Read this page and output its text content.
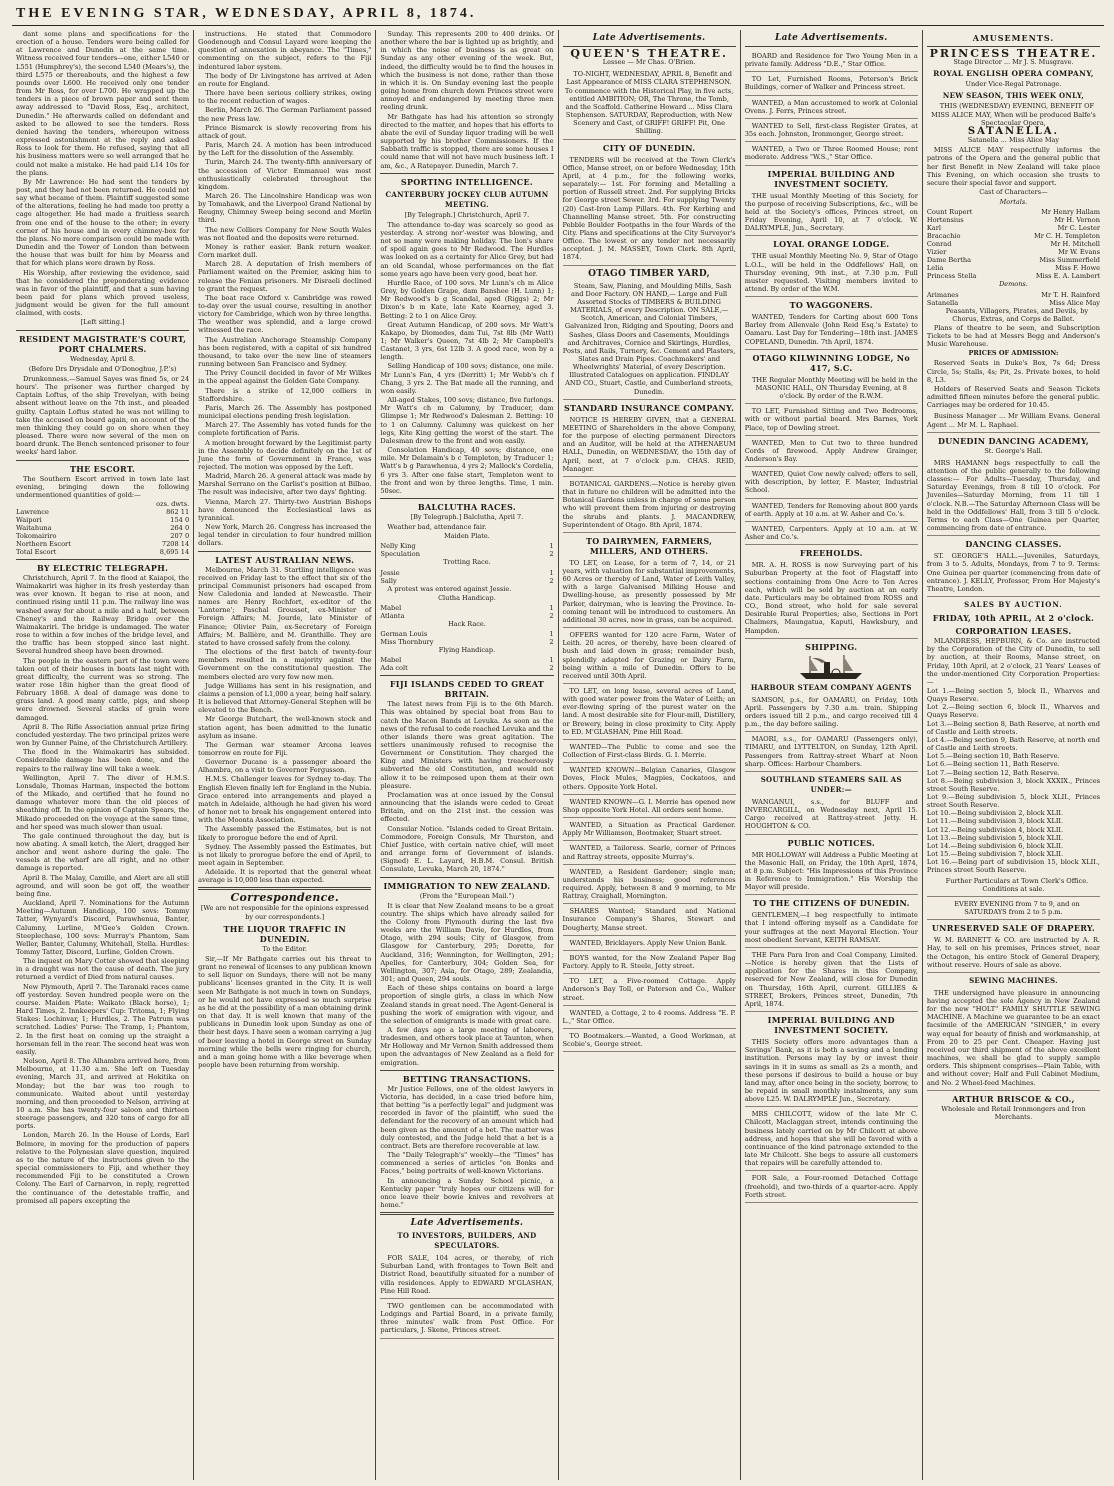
THE EVENING STAR, WEDNESDAY, APRIL 8, 1874.

dant some plans and specifications for the erection of a house. Tenders were being called for at Lawrence and Dunedin at the same time. Witness received four tenders—one, either L540 or L551 (Humphrey's), the second L540 (Mears's), the third L575 or thereabouts, and the highest a few pounds over L600. He received only one tender from Mr Ross, for over L700. He wrapped up the tenders in a piece of brown paper and sent them away addressed to "David Ross, Esq., architect, Dunedin." He afterwards called on defendant and asked to be allowed to see the tenders. Ross denied having the tenders, whereupon witness expressed astonishment at the reply and asked Ross to look for them. He refused, saying that all his business matters were so well arranged that he could not make a mistake. He had paid L14 10s for the plans.

By Mr Lawrence: He had sent the tenders by post, and they had not been returned. He could not say what became of them. Plaintiff suggested some of the alterations, feeling he had made too pretty a cage altogether. He had made a fruitless search from one end of the house to the other; in every corner of his house and in every chimney-box for the plans. No more comparison could be made with Dunedin and the Tower of London than between the house that was built for him by Mearss and that for which plans were drawn by Ross.

His Worship, after reviewing the evidence, said that he considered the preponderating evidence was in favor of the plaintiff, and that a sum having been paid for plans which proved useless, judgment would be given for the full amount claimed, with costs.

[Left sitting.]
RESIDENT MAGISTRATE'S COURT, PORT CHALMERS.
Wednesday, April 8.
(Before Drs Drysdale and O'Donoghue, J.P.'s)

Drunkenness.—Samuel Sayes was fined 5s, or 24 hours'. The prisoner was further charged by Captain Loftus, of the ship Trevelyan, with being absent without leave on the 7th inst., and pleaded guilty. Captain Loftus stated he was not willing to take the accused on board again, on account of the men thinking they could go on shore when they pleased. There were now several of the men on board drunk. The Bench sentenced prisoner to four weeks' hard labor.

THE ESCORT.

The Southern Escort arrived in town late last evening, bringing down the following undermentioned quantities of gold:—

	ozs. dwts.
Lawrence	862 11
Waipori	154 0
Waitahuna	264 0
Tokomairiro	207 0
Northern Escort	7208 14
Total Escort	8,695 14
BY ELECTRIC TELEGRAPH.

Christchurch, April 7. In the flood at Kaiapoi, the Waimakariri was higher in its fresh yesterday than was ever known. It began to rise at noon, and continued rising until 11 p.m. The railway line was washed away for about a mile and a half, between Cheney's and the Railway Bridge over the Waimakariri. The bridge is undamaged. The water rose to within a few inches of the bridge level, and the traffic has been stopped since last night. Several hundred sheep have been drowned.

The people in the eastern part of the town were taken out of their houses in boats last night with great difficulty, the current was so strong. The water rose 18in higher than the great flood of February 1868. A deal of damage was done to grass land. A good many cattle, pigs, and sheep were drowned. Several stacks of grain were damaged.

April 8. The Rifle Association annual prize firing concluded yesterday. The two principal prizes were won by Gunner Paine, of the Christchurch Artillery.

The flood in the Waimakariri has subsided. Considerable damage has been done, and the repairs to the railway line will take a week.

Wellington, April 7. The diver of H.M.S. Lonsdale, Thomas Harman, inspected the bottom of the Mikado, and certified that he found no damage whatever more than the old pieces of sheathing off. In the opinion of Captain Spears, the Mikado proceeded on the voyage at the same time, and her speed was much slower than usual.

The gale continued throughout the day, but is now abating. A small ketch, the Alert, dragged her anchor and went ashore during the gale. The vessels at the wharf are all right, and no other damage is reported.

April 8. The Malay, Camille, and Alert are all still aground, and will soon be got off, the weather being fine.

Auckland, April 7. Nominations for the Autumn Meeting—Autumn Handicap, 100 sovs: Tommy Tatter, Wynyard's Discord, Parawhenua, Banter, Calumny, Lurline, M'Gee's Golden Crown. Steeplechase, 100 sovs: Murray's Phantom, Sam Weller, Banter, Calumny, Whitehall, Stella. Hurdles: Tommy Tatter, Discord, Lurline, Golden Crown.

The inquest on Mary Cotter showed that sleeping in a draught was not the cause of death. The jury returned a verdict of Died from natural causes.

New Plymouth, April 7. The Taranaki races came off yesterday. Seven hundred people were on the course. Maiden Plate: Waikato (Black horse), 1; Hard Times, 2. Innkeepers' Cup: Tritoma, 1; Flying Stakes: Lochinvar, 1; Hurdles, 2. The Patrum was scratched. Ladies' Purse: The Tramp, 1; Phantom, 2. In the first heat on coming up the straight a horseman fell in the rear. The second heat was won easily.

Nelson, April 8. The Alhambra arrived here, from Melbourne, at 11.30 a.m. She left on Tuesday evening, March 31, and arrived at Hokitika on Monday; but the bar was too rough to communicate. Waited about until yesterday morning, and then proceeded to Nelson, arriving at 10 a.m. She has twenty-four saloon and thirteen steerage passengers, and 320 tons of cargo for all ports.

London, March 26. In the House of Lords, Earl Belmore, in moving for the production of papers relative to the Polynesian slave question, inquired as to the nature of the instructions given to the special commissioners to Fiji, and whether they recommended Fiji to be constituted a Crown Colony. The Earl of Carnarvon, in reply, regretted the continuance of the detestable traffic, and promised all papers excepting the

instructions. He stated that Commodore Goodenough and Consul Layard were keeping the question of annexation in abeyance. The "Times," commenting on the subject, refers to the Fiji indentured labor system.

The body of Dr Livingstone has arrived at Aden en route for England.

There have been serious colliery strikes, owing to the recent reduction of wages.

Berlin, March 26. The German Parliament passed the new Press law.

Prince Bismarck is slowly recovering from his attack of gout.

Paris, March 24. A motion has been introduced by the Left for the dissolution of the Assembly.

Turin, March 24. The twenty-fifth anniversary of the accession of Victor Emmanuel was most enthusiastically celebrated throughout the kingdom.

March 26. The Lincolnshire Handicap was won by Tomahawk, and the Liverpool Grand National by Reugny, Chimney Sweep being second and Merlin third.

The new Colliers Company for New South Wales was not floated and the deposits were returned.

Money is rather easier. Bank return weaker. Corn market dull.

March 28. A deputation of Irish members of Parliament waited on the Premier, asking him to release the Fenian prisoners. Mr Disraeli declined to grant the request.

The boat race Oxford v. Cambridge was rowed to-day over the usual course, resulting in another victory for Cambridge, which won by three lengths. The weather was splendid, and a large crowd witnessed the race.

The Australian Anchorage Steamship Company has been registered, with a capital of six hundred thousand, to take over the new line of steamers running between San Francisco and Sydney.

The Privy Council decided in favor of Mr Wilkes in the appeal against the Golden Gate Company.

There is a strike of 12,000 colliers in Staffordshire.

Paris, March 26. The Assembly has postponed municipal elections pending fresh legislation.

March 27. The Assembly has voted funds for the complete fortification of Paris.

A motion brought forward by the Legitimist party in the Assembly to decide definitely on the 1st of June the form of Government in France, was rejected. The motion was opposed by the Left.

Madrid, March 26. A general attack was made by Marshal Serrano on the Carlist's position at Bilbao. The result was indecisive, after two days' fighting.

Vienna, March 27. Thirty-two Austrian Bishops have denounced the Ecclesiastical laws as tyrannical.

New York, March 26. Congress has increased the legal tender in circulation to four hundred million dollars.

LATEST AUSTRALIAN NEWS.

Melbourne, March 31. Startling intelligence was received on Friday last to the effect that six of the principal Communist prisoners had escaped from New Caledonia and landed at Newcastle. Their names are Henry Rochfort, ex-editor of the 'Lanterne'; Paschal Grousset, ex-Minister of Foreign Affairs; M. Jourde, late Minister of Finance; Olivier Pain, ex-Secretary of Foreign Affairs; M. Ballière, and M. Granthille. They are stated to have crossed safely from the colony.

The elections of the first batch of twenty-four members resulted in a majority against the Government on the constitutional question. The members elected are very few new men.

Judge Williams has sent in his resignation, and claims a pension of L1,000 a year, being half salary. It is believed that Attorney-General Stephen will be elevated to the Bench.

Mr George Butchart, the well-known stock and station agent, has been admitted to the lunatic asylum as insane.

The German war steamer Arcona leaves tomorrow en route for Fiji.

Governor Ducane is a passenger aboard the Alhambra, on a visit to Governor Fergusson.

H.M.S. Challenger leaves for Sydney to-day. The English Eleven finally left for England in the Nubia. Grace entered into arrangements and played a match in Adelaide, although he had given his word of honor not to break his engagement entered into with the Moonta Association.

The Assembly passed the Estimates, but is not likely to prorogue before the end of April.

Sydney. The Assembly passed the Estimates, but is not likely to prorogue before the end of April, to meet again in September.

Adelaide. It is reported that the general wheat average is 10,000 less than expected.

Correspondence.
[We are not responsible for the opinions expressed by our correspondents.]
THE LIQUOR TRAFFIC IN DUNEDIN.
To the Editor.

Sir,—If Mr Bathgate carries out his threat to grant no renewal of licenses to any publican known to sell liquor on Sundays, there will not be many publicans' licenses granted in the City. It is well seen Mr Bathgate is not much in town on Sundays, or he would not have expressed so much surprise as he did at the possibility of a man obtaining drink on that day. It is well known that many of the publicans in Dunedin look upon Sunday as one of their best days. I have seen a woman carrying a jug of beer leaving a hotel in George street on Sunday morning while the bells were ringing for church, and a man going home with a like beverage when people have been returning from worship.

Sunday. This represents 200 to 400 drinks. Of another where the bar is lighted up as brightly, and in which the noise of business is as great on Sunday as any other evening of the week. But, indeed, the difficulty would be to find the houses in which the business is not done, rather than those in which it is. On Sunday evening last the people going home from church down Princes street were annoyed and endangered by meeting three men reeling drunk.

Mr Bathgate has had his attention so strongly directed to the matter, and hopes that his efforts to abate the evil of Sunday liquor trading will be well supported by his brother Commissioners. If the Sabbath traffic is stopped, there are some houses I could name that will not have much business left. I am, &c., A Ratepayer. Dunedin, March 7.

SPORTING INTELLIGENCE.
CANTERBURY JOCKEY CLUB AUTUMN MEETING.
[By Telegraph.] Christchurch, April 7.

The attendance to-day was scarcely so good as yesterday. A strong nor'-wester was blowing, and not so many were making holiday. The lion's share of spoil again goes to Mr Redwood. The Hurdles was looked on as a certainty for Alice Grey, but had an old Scandal, whose performances on the flat some years ago have been very good, beat her.

Hurdle Race, of 100 sovs. Mr Lunn's ch m Alice Grey, by Golden Grape, dam Banshee (H. Lunn) 1; Mr Redwood's b g Scandal, aged (Riggs) 2; Mr Dixon's b m Kate, late Kate Kearney, aged 3. Betting: 2 to 1 on Alice Grey.

Great Autumn Handicap, of 200 sovs. Mr Watt's Kakapo, by Diomedes, dam Tui, 7st 8lb (Mr Watt) 1; Mr Walker's Queen, 7st 4lb 2; Mr Campbell's Castanet, 3 yrs, 6st 12lb 3. A good race, won by a length.

Selling Handicap of 100 sovs; distance, one mile. Mr Lunn's Fan, 4 yrs (Derritt) 1; Mr Webb's ch f Chang, 3 yrs 2. The Bat made all the running, and won easily.

All-aged Stakes, 100 sovs; distance, five furlongs. Mr Watt's ch m Calumny, by Traducer, dam Glimpse 1; Mr Redwood's Dalesman 2. Betting: 10 to 1 on Calumny. Calumny was quickest on her legs, Kite King getting the worst of the start. The Dalesman drew to the front and won easily.

Consolation Handicap, 40 sovs; distance, one mile. Mr Delamain's b c Templeton, by Traducer 1; Watt's b g Parawhenua, 4 yrs 2; Mallock's Cordelia, 6 yrs 3. After one false start, Templeton went to the front and won by three lengths. Time, 1 min. 50sec.

BALCLUTHA RACES.
[By Telegraph.] Balclutha, April 7.

Weather bad, attendance fair.

Maiden Plate.
Nelly King	1
Speculation	2
Trotting Race.
Jessie	1
Sally	2

A protest was entered against Jessie.

Clutha Handicap.
Mabel	1
Atlanta	2
Hack Race.
German Louis	1
Miss Thornbury	2
Flying Handicap.
Mabel	1
Ada colt	2
FIJI ISLANDS CEDED TO GREAT BRITAIN.

The latest news from Fiji is to the 6th March. This was obtained by special boat from Bau to catch the Macon Bands at Levuka. As soon as the news of the refusal to cede reached Levuka and the other islands there was great agitation. The settlers unanimously refused to recognise the Government or Constitution. They charged the King and Ministers with having treacherously subverted the old Constitution, and would not allow it to be reimposed upon them at their own pleasure.

Proclamation was at once issued by the Consul announcing that the islands were ceded to Great Britain, and on the 21st inst. the cession was effected.

Consular Notice. "Islands ceded to Great Britain. Commodore, Foreign Consuls, Mr Thurston, and Chief Justice, with certain native chief, will meet and arrange form of Government of islands. (Signed) E. L. Layard, H.B.M. Consul. British Consulate, Levuka, March 20, 1874."

IMMIGRATION TO NEW ZEALAND.
(From the "European Mail.")

It is clear that New Zealand means to be a great country. The ships which have already sailed for the Colony from Plymouth during the last five weeks are the William Davie, for Hurdles, from Otago, with 294 souls; City of Glasgow, from Glasgow for Canterbury, 295; Dorette, for Auckland, 316; Wennington, for Wellington, 291; Apelles, for Canterbury, 304; Golden Sea, for Wellington, 307; Asia, for Otago, 289; Zealandia, 301; and Queen, 294 souls.

Each of these ships contains on board a large proportion of single girls, a class in which New Zealand stands in great need. The Agent-General is pushing the work of emigration with vigour, and the selection of emigrants is made with great care.

A few days ago a large meeting of laborers, tradesmen, and others took place at Taunton, when Mr Holloway and Mr Vernon Smith addressed them upon the advantages of New Zealand as a field for emigration.

BETTING TRANSACTIONS.

Mr Justice Fellows, one of the oldest lawyers in Victoria, has decided, in a case tried before him, that betting "is a perfectly legal" and judgment was recorded in favor of the plaintiff, who sued the defendant for the recovery of an amount which had been given as the amount of a bet. The matter was duly contested, and the Judge held that a bet is a contract. Bets are therefore recoverable at law.

The "Daily Telegraph's" weekly—the "Times" has commenced a series of articles "on Bonks and Faces," being portraits of well-known Victorians.

In announcing a Sunday School picnic, a Kentucky paper "truly hopes our citizens will for once leave their bowie knives and revolvers at home."

Late Advertisements.
TO INVESTORS, BUILDERS, AND SPECULATORS.

FOR SALE, 104 acres, or thereby, of rich Suburban Land, with frontages to Town Belt and District Road, beautifully situated for a number of villa residences. Apply to EDWARD M'GLASHAN, Pine Hill Road.

TWO gentlemen can be accommodated with Lodgings and Partial Board, in a private family, three minutes' walk from Post Office. For particulars, J. Skene, Princes street.

Late Advertisements.
QUEEN'S THEATRE.
Lessee — Mr Chas. O'Brien.

TO-NIGHT, WEDNESDAY, APRIL 8, Benefit and Last Appearance of MISS CLARA STEPHENSON. To commence with the Historical Play, in five acts, entitled AMBITION; OR, The Throne, the Tomb, and the Scaffold. Catherine Howard ... Miss Clara Stephenson. SATURDAY, Reproduction, with New Scenery and Cast, of GRIFF! GRIFF! Pit, One Shilling.

CITY OF DUNEDIN.

TENDERS will be received at the Town Clerk's Office, Manse street, on or before Wednesday, 15th April, at 4 p.m., for the following works, separately:— 1st. For forming and Metalling a portion of Russell street. 2nd. For supplying Bricks for George street Sewer. 3rd. For supplying Twenty (20) Cast-Iron Lamp Pillars. 4th. For Kerbing and Channelling Manse street. 5th. For constructing Pebble Boulder Footpaths in the four Wards of the City. Plans and specifications at the City Surveyor's Office. The lowest or any tender not necessarily accepted. J. M. MASSEY, Town Clerk. 8th April, 1874.

OTAGO TIMBER YARD,

Steam, Saw, Planing, and Moulding Mills, Sash and Door Factory. ON HAND,— Large and Full Assorted Stocks of TIMBERS & BUILDING MATERIALS, of every Description. ON SALE,— Scotch, American, and Colonial Timbers, Galvanized Iron, Ridging and Spouting, Doors and Sashes, Glass Doors and Casements, Mouldings and Architraves, Cornice and Skirtings, Hurdles, Posts, and Rails, Turnery, &c. Cement and Plasters, Slates and Drain Pipes. Coachmakers' and Wheelwrights' Material, of every Description. Illustrated Catalogues on application. FINDLAY AND CO., Stuart, Castle, and Cumberland streets, Dunedin.

STANDARD INSURANCE COMPANY.

NOTICE IS HEREBY GIVEN, that a GENERAL MEETING of Shareholders in the above Company, for the purpose of electing permanent Directors and an Auditor, will be held at the ATHENAEUM HALL, Dunedin, on WEDNESDAY, the 15th day of April, next, at 7 o'clock p.m. CHAS. REID, Manager.

BOTANICAL GARDENS.—Notice is hereby given that in future no children will be admitted into the Botanical Gardens unless in charge of some person who will prevent them from injuring or destroying the shrubs and plants. J. MACANDREW, Superintendent of Otago. 8th April, 1874.

TO DAIRYMEN, FARMERS, MILLERS, AND OTHERS.

TO LET, on Lease, for a term of 7, 14, or 21 years, with valuation for substantial improvements, 60 Acres or thereby of Land, Water of Leith Valley, with a large Galvanised Milking House and Dwelling-house, as presently possessed by Mr Parker, dairyman, who is leaving the Province. In-coming tenant will be introduced to customers. An additional 30 acres, now in grass, can be acquired.

OFFERS wanted for 120 acre Farm, Water of Leith. 20 acres, or thereby, have been cleared of bush and laid down in grass; remainder bush, splendidly adapted for Grazing or Dairy Farm, being within a mile of Dunedin. Offers to be received until 30th April.

TO LET, on long lease, several acres of Land, with good water power from the Water of Leith; an ever-flowing spring of the purest water on the land. A most desirable site for Flour-mill, Distillery, or Brewery, being in close proximity to City. Apply to ED. M'GLASHAN, Pine Hill Road.

WANTED—The Public to come and see the Collection of First-class Birds. G. I. Merrie.

WANTED KNOWN—Belgian Canaries, Glasgow Doves, Flock Mules, Magpies, Cockatoos, and others. Opposite York Hotel.

WANTED KNOWN—G. I. Merrie has opened new Shop opposite York Hotel. All orders sent home.

WANTED, a Situation as Practical Gardener. Apply Mr Williamson, Bootmaker, Stuart street.

WANTED, a Tailoress. Searle, corner of Princes and Rattray streets, opposite Murray's.

WANTED, a Resident Gardener; single man; understands his business; good references required. Apply, between 8 and 9 morning, to Mr Rattray, Craighall, Mornington.

SHARES Wanted; Standard and National Insurance Company's Shares, Stewart and Dougherty, Manse street.

WANTED, Bricklayers. Apply New Union Bank.

BOYS wanted, for the New Zealand Paper Bag Factory. Apply to R. Steele, Jetty street.

TO LET, a Five-roomed Cottage. Apply Anderson's Bay Toll, or Paterson and Co., Walker street.

WANTED, a Cottage, 2 to 4 rooms. Address "E. P. L.," Star Office.

TO Bootmakers.—Wanted, a Good Workman, at Scobie's, George street.

Late Advertisements.

BOARD and Residence for Two Young Men in a private family. Address "D.E.," Star Office.

TO Let, Furnished Rooms, Peterson's Brick Buildings, corner of Walker and Princess street.

WANTED, a Man accustomed to work at Colonial Ovens. J. Ferrs, Princes street.

WANTED to Sell, first-class Register Grates, at 35s each. Johnston, Ironmonger, George street.

WANTED, a Two or Three Roomed House; rent moderate. Address "W.S.," Star Office.

IMPERIAL BUILDING AND INVESTMENT SOCIETY.

THE usual Monthly Meeting of this Society, for the purpose of receiving Subscriptions, &c., will be held at the Society's offices, Princes street, on Friday Evening, April 10, at 7 o'clock. W. DALRYMPLE, Jun., Secretary.

LOYAL ORANGE LODGE.

THE usual Monthly Meeting No. 9, Star of Otago L.O.L., will be held in the Oddfellows' Hall, on Thursday evening, 9th inst., at 7.30 p.m. Full muster requested. Visiting members invited to attend. By order of the W.M.

TO WAGGONERS.

WANTED, Tenders for Carting about 600 Tons Barley from Allenvale (John Reid Esq.'s Estate) to Oamaru. Last Day for Tendering—18th inst. JAMES COPELAND, Dunedin. 7th April, 1874.

OTAGO KILWINNING LODGE, No 417, S.C.

THE Regular Monthly Meeting will be held in the MASONIC HALL, ON Thursday Evening, at 8 o'clock. By order of the R.W.M.

TO LET, Furnished Sitting and Two Bedrooms, with or without partial board. Mrs Barnes, York Place, top of Dowling street.

WANTED, Men to Cut two to three hundred Cords of firewood. Apply Andrew Grainger, Anderson's Bay.

WANTED, Quiet Cow newly calved; offers to sell, with description, by letter, F. Master, Industrial School.

WANTED, Tenders for Removing about 800 yards of earth. Apply at 10 a.m. at W. Asher and Co.'s.

WANTED, Carpenters. Apply at 10 a.m. at W. Asher and Co.'s.

FREEHOLDS.

MR. A. H. ROSS is now Surveying part of his Suburban Property at the foot of Flagstaff into sections containing from One Acre to Ten Acres each, which will be sold by auction at an early date. Particulars may be obtained from ROSS and CO., Bond street, who hold for sale several Desirable Rural Properties; also, Sections in Port Chalmers, Maungatua, Kaputi, Hawksbury, and Hampden.

SHIPPING.
HARBOUR STEAM COMPANY AGENTS

SAMSON, p.s., for OAMARU, on Friday, 10th April. Passengers by 7.30 a.m. train. Shipping orders issued till 2 p.m., and cargo received till 4 p.m., the day before sailing.

MAORI, s.s., for OAMARU (Passengers only), TIMARU, and LYTTELTON, on Sunday, 12th April. Passengers from Rattray-street Wharf at Noon sharp. Offices: Harbour Chambers.

SOUTHLAND STEAMERS SAIL AS UNDER:—

WANGANUI, s.s., for BLUFF and INVERCARGILL, on Wednesday next, April 15. Cargo received at Rattray-street Jetty. H. HOUGHTON & CO.

PUBLIC NOTICES.

MR HOLLOWAY will Address a Public Meeting at the Masonic Hall, on Friday, the 10th April, 1874, at 8 p.m. Subject: "His Impressions of this Province in Reference to Immigration." His Worship the Mayor will preside.

TO THE CITIZENS OF DUNEDIN.

GENTLEMEN,—I beg respectfully to intimate that I intend offering myself as a Candidate for your suffrages at the next Mayoral Election. Your most obedient Servant, KEITH RAMSAY.

THE Para Para Iron and Coal Company, Limited.—Notice is hereby given that the Lists of application for the Shares in this Company, reserved for New Zealand, will close for Dunedin on Thursday, 16th April, current. GILLIES & STREET, Brokers, Princes street, Dunedin, 7th April, 1874.

IMPERIAL BUILDING AND INVESTMENT SOCIETY.

THIS Society offers more advantages than a Savings' Bank, as it is both a saving and a lending institution. Persons may lay by or invest their savings in it in sums as small as 2s a month, and these persons if desirous to build a house or buy land may, after once being in the society, borrow, to be repaid in small monthly instalments, any sum above L25. W. DALRYMPLE Jun., Secretary.

MRS CHILCOTT, widow of the late Mr C. Chilcott, Maclaggan street, intends continuing the business lately carried on by Mr Chilcott at above address, and hopes that she will be favored with a continuance of the kind patronage extended to the late Mr Chilcott. She begs to assure all customers that repairs will be carefully attended to.

FOR Sale, a Four-roomed Detached Cottage (freehold), and two-thirds of a quarter-acre. Apply Forth street.

AMUSEMENTS.
PRINCESS THEATRE.
Stage Director ... Mr J. S. Musgrave.
ROYAL ENGLISH OPERA COMPANY,
Under Vice-Regal Patronage.
NEW SEASON, THIS WEEK ONLY,

THIS (WEDNESDAY) EVENING, BENEFIT OF MISS ALICE MAY, When will be produced Balfe's Spectacular Opera,

SATANELLA.
Satanella ... Miss Alice May

MISS ALICE MAY respectfully informs the patrons of the Opera and the general public that her first Benefit in New Zealand will take place This Evening, on which occasion she trusts to secure their special favor and support.

Cast of Characters—
Mortals.
Count Rupert	Mr Henry Hallam
Hortensius	Mr H. Vernon
Karl	Mr C. Lester
Bracachio	Mr C. H. Templeton
Conrad	Mr H. Mitchell
Vizier	Mr W. Evans
Dame Bertha	Miss Summerfield
Lelia	Miss F. Howe
Princess Stella	Miss E. A. Lambert
Demons.
Arimanes	Mr T. H. Rainford
Satanella	Miss Alice May

Peasants, Villagers, Pirates, and Devils, by Chorus, Extras, and Corps de Ballet.

Plans of theatre to be seen, and Subscription Tickets to be had at Messrs Begg and Anderson's Music Warehouse.

PRICES OF ADMISSION:

Reserved Seats in Duke's Box, 7s 6d; Dress Circle, 5s; Stalls, 4s; Pit, 2s. Private boxes, to hold 8, L3.

Holders of Reserved Seats and Season Tickets admitted fifteen minutes before the general public. Carriages may be ordered for 10.45.

Business Manager ... Mr William Evans. General Agent ... Mr M. L. Raphael.

DUNEDIN DANCING ACADEMY,
St. George's Hall.

MRS HAMANN begs respectfully to call the attention of the public generally to the following classes:— For Adults—Tuesday, Thursday, and Saturday Evenings, from 8 till 10 o'clock. For Juveniles—Saturday Morning, from 11 till 1 o'clock. N.B.—The Saturday Afternoon Class will be held in the Oddfellows' Hall, from 3 till 5 o'clock. Terms to each Class—One Guinea per Quarter, commencing from date of entrance.

DANCING CLASSES.

ST. GEORGE'S HALL.—Juveniles, Saturdays, from 3 to 5. Adults, Mondays, from 7 to 9. Terms: One Guinea per quarter (commencing from date of entrance). J. KELLY, Professor, From Her Majesty's Theatre, London.

SALES BY AUCTION.
FRIDAY, 10th APRIL, At 2 o'clock.
CORPORATION LEASES.

MLANDRESS, HEPBURN, & Co. are instructed by the Corporation of the City of Dunedin, to sell by auction, at their Rooms, Manse street, on Friday, 10th April, at 2 o'clock, 21 Years' Leases of the under-mentioned City Corporation Properties:—

Lot 1.—Being section 5, block II., Wharves and Quays Reserve.
Lot 2.—Being section 6, block II., Wharves and Quays Reserve.
Lot 3.—Being section 8, Bath Reserve, at north end of Castle and Leith streets.
Lot 4.—Being section 9, Bath Reserve, at north end of Castle and Leith streets.
Lot 5.—Being section 10, Bath Reserve.
Lot 6.—Being section 11, Bath Reserve.
Lot 7.—Being section 12, Bath Reserve.
Lot 8.—Being subdivision 3, block XXXIX., Princes street South Reserve.
Lot 9.—Being subdivision 5, block XLII., Princes street South Reserve.
Lot 10.—Being subdivision 2, block XLII.
Lot 11.—Being subdivision 3, block XLII.
Lot 12.—Being subdivision 4, block XLII.
Lot 13.—Being subdivision 5, block XLII.
Lot 14.—Being subdivision 6, block XLII.
Lot 15.—Being subdivision 7, block XLII.
Lot 16.—Being part of subdivision 15, block XLII., Princes street South Reserve.

Further Particulars at Town Clerk's Office. Conditions at sale.

EVERY EVENING from 7 to 9, and on SATURDAYS from 2 to 5 p.m.

UNRESERVED SALE OF DRAPERY.

W. M. BARNETT & CO. are instructed by A. R. Hay, to sell on his premises, Princes street, near the Octagon, his entire Stock of General Drapery, without reserve. Hours of sale as above.

SEWING MACHINES.

THE undersigned have pleasure in announcing having accepted the sole Agency in New Zealand for the new "HOLT" FAMILY SHUTTLE SEWING MACHINE. A Machine we guarantee to be an exact facsimile of the AMERICAN "SINGER," in every way equal for beauty of finish and workmanship, at From 20 to 25 per Cent. Cheaper. Having just received our third shipment of the above excellent machines, we shall be glad to supply sample orders. This shipment comprises—Plain Table, with and without cover; Half and Full Cabinet Medium, and No. 2 Wheel-feed Machines.

ARTHUR BRISCOE & CO.,
Wholesale and Retail Ironmongers and Iron Merchants.
